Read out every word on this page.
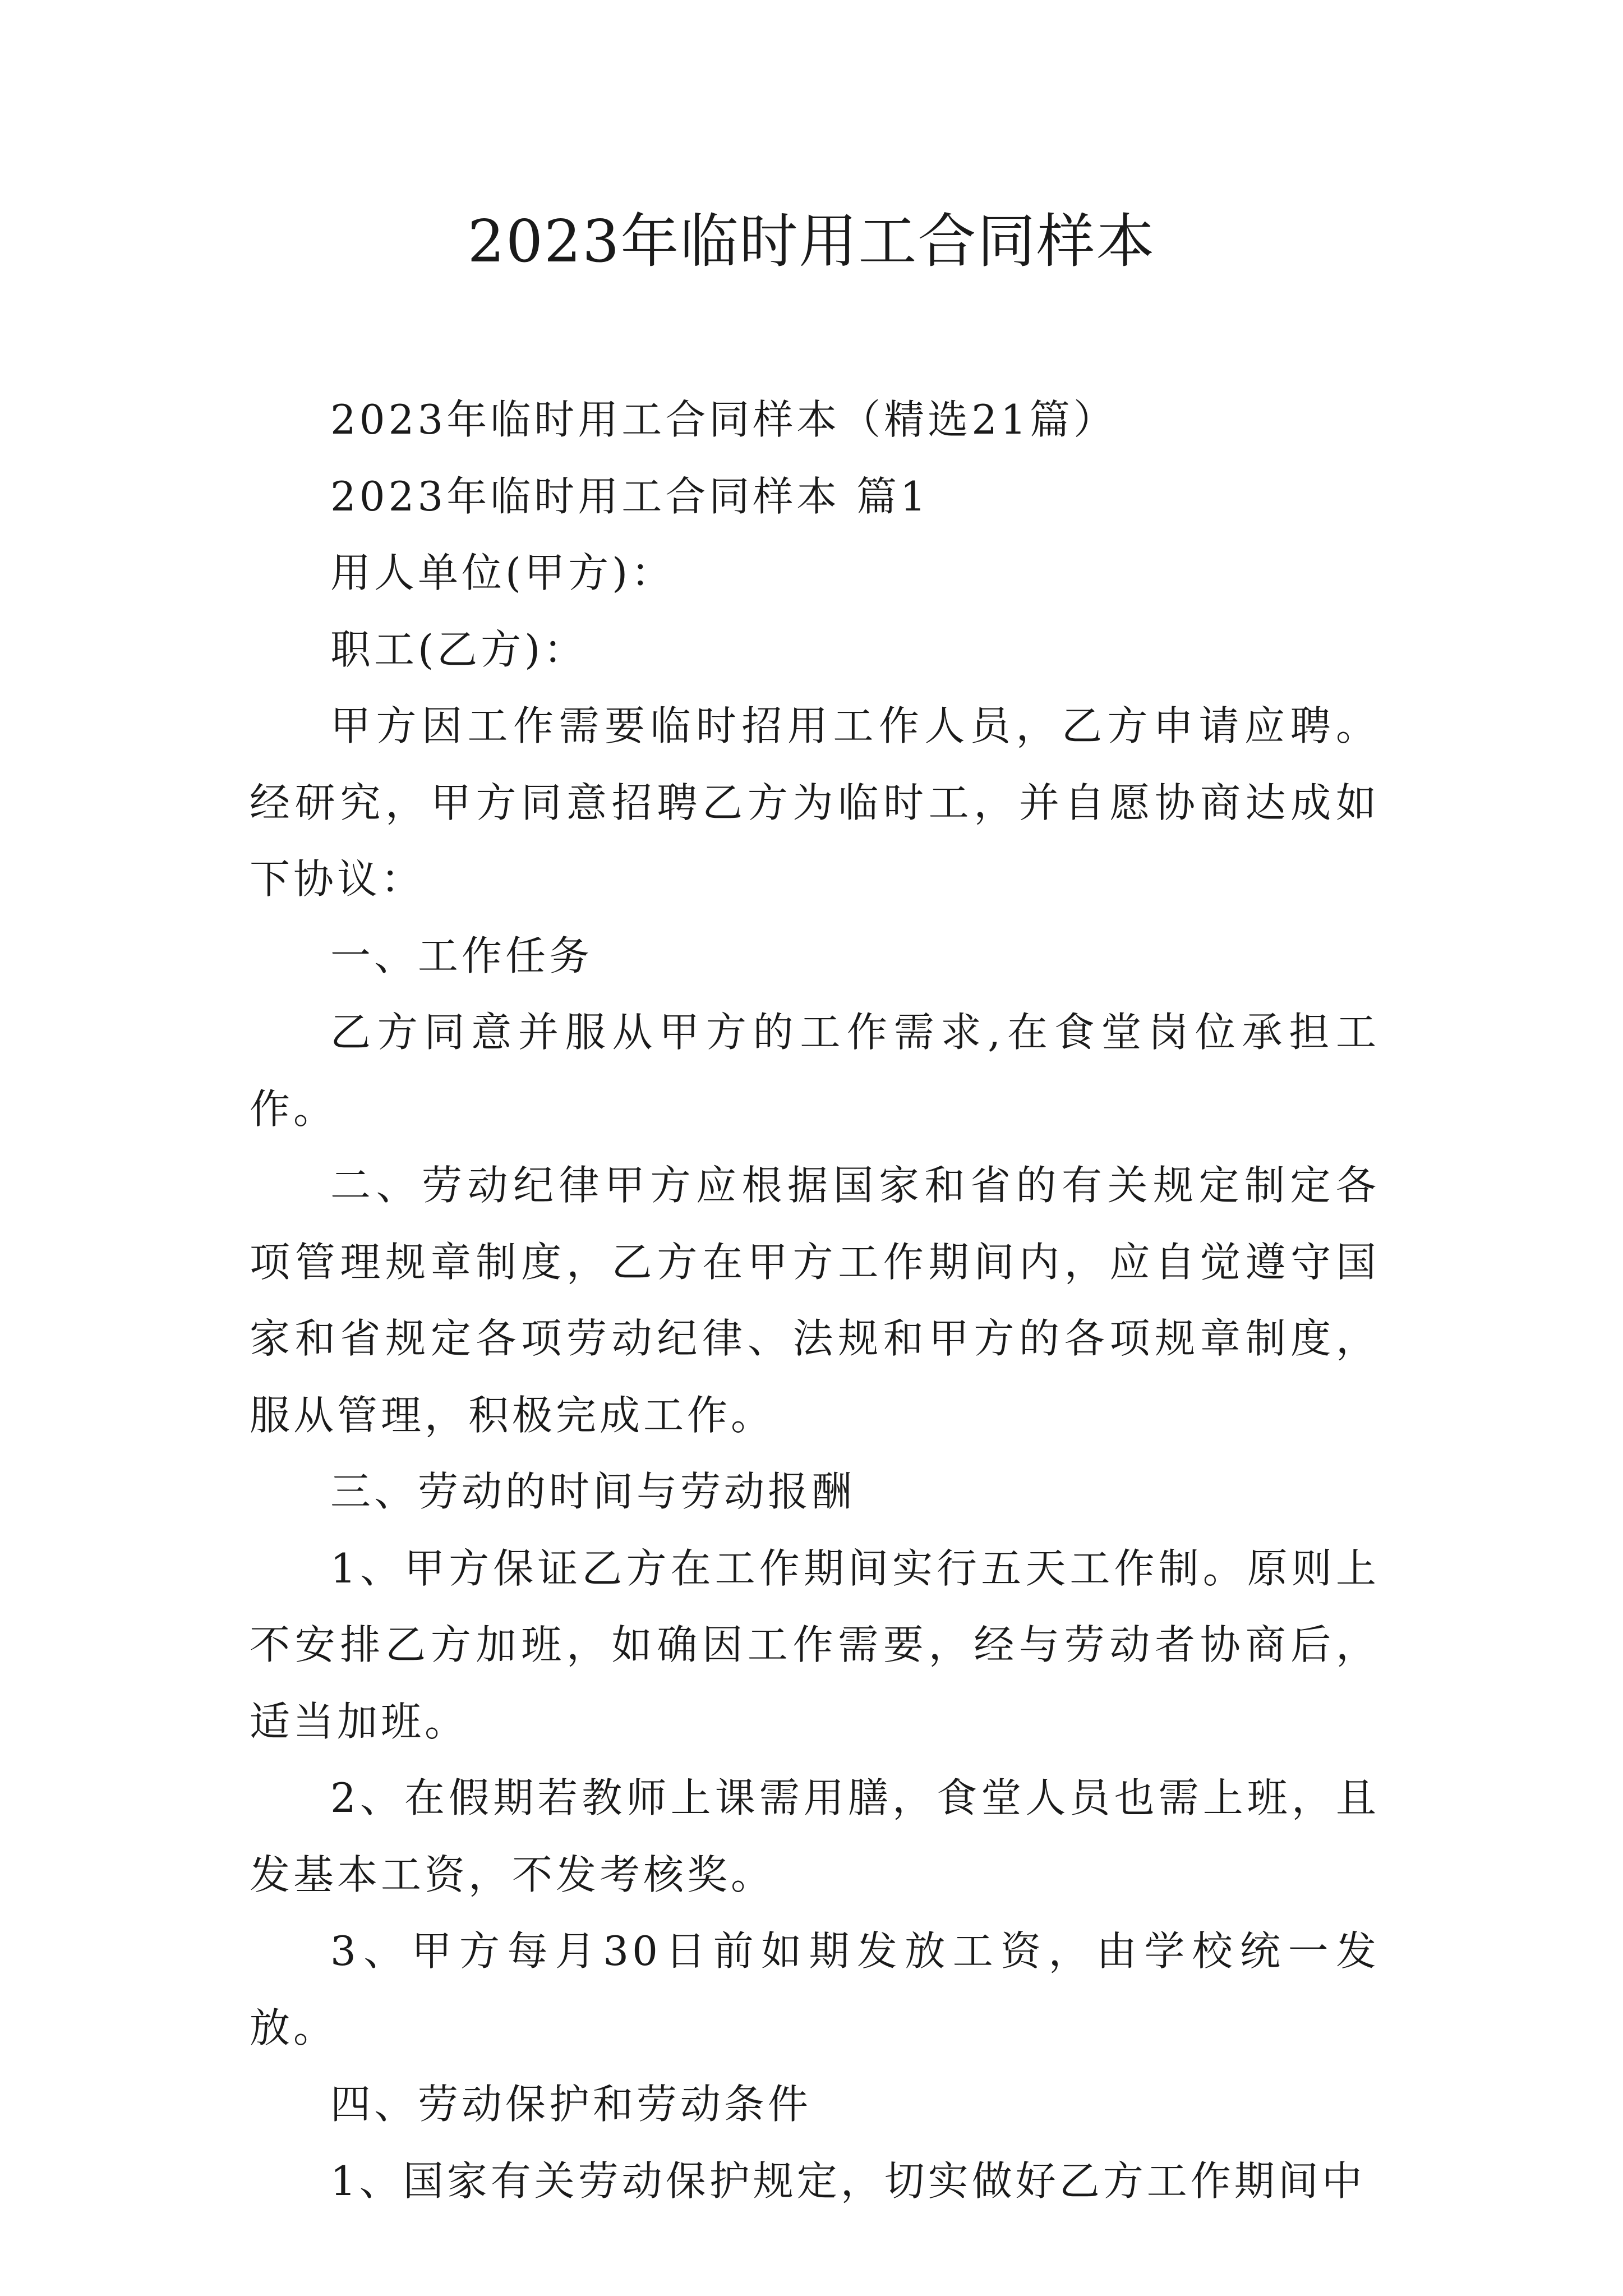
2023年临时用工合同样本

2023年临时用工合同样本（精选21篇）

2023年临时用工合同样本 篇1

用人单位(甲方)：

职工(乙方)：

甲方因工作需要临时招用工作人员，乙方申请应聘。经研究，甲方同意招聘乙方为临时工，并自愿协商达成如下协议：

一、工作任务

乙方同意并服从甲方的工作需求,在食堂岗位承担工作。

二、劳动纪律甲方应根据国家和省的有关规定制定各项管理规章制度，乙方在甲方工作期间内，应自觉遵守国家和省规定各项劳动纪律、法规和甲方的各项规章制度，服从管理，积极完成工作。

三、劳动的时间与劳动报酬

1、甲方保证乙方在工作期间实行五天工作制。原则上不安排乙方加班，如确因工作需要，经与劳动者协商后，适当加班。

2、在假期若教师上课需用膳，食堂人员也需上班，且发基本工资，不发考核奖。

3、甲方每月30日前如期发放工资，由学校统一发放。

四、劳动保护和劳动条件

1、国家有关劳动保护规定，切实做好乙方工作期间中
